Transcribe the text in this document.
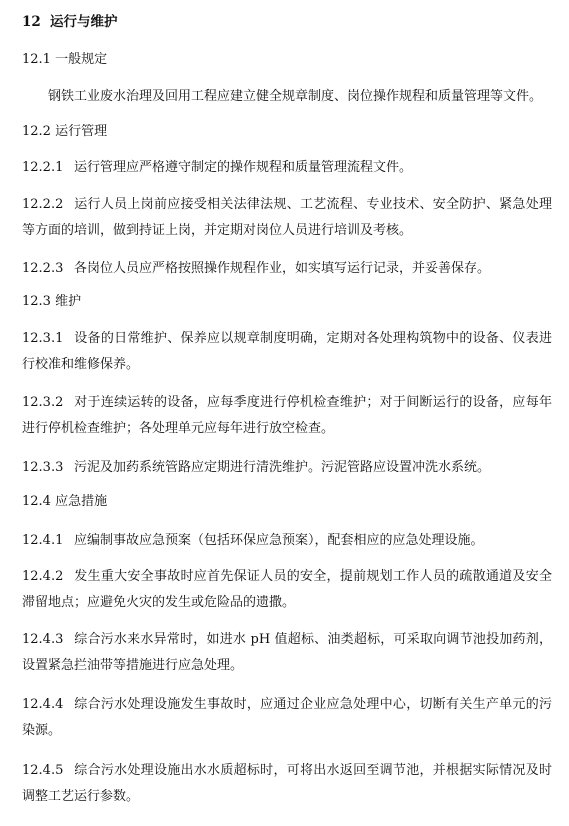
12 运行与维护
12.1 一般规定
钢铁工业废水治理及回用工程应建立健全规章制度、岗位操作规程和质量管理等文件。
12.2 运行管理
12.2.1 运行管理应严格遵守制定的操作规程和质量管理流程文件。
12.2.2 运行人员上岗前应接受相关法律法规、工艺流程、专业技术、安全防护、紧急处理等方面的培训，做到持证上岗，并定期对岗位人员进行培训及考核。
12.2.3 各岗位人员应严格按照操作规程作业，如实填写运行记录，并妥善保存。
12.3 维护
12.3.1 设备的日常维护、保养应以规章制度明确，定期对各处理构筑物中的设备、仪表进行校准和维修保养。
12.3.2 对于连续运转的设备，应每季度进行停机检查维护；对于间断运行的设备，应每年进行停机检查维护；各处理单元应每年进行放空检查。
12.3.3 污泥及加药系统管路应定期进行清洗维护。污泥管路应设置冲洗水系统。
12.4 应急措施
12.4.1 应编制事故应急预案（包括环保应急预案），配套相应的应急处理设施。
12.4.2 发生重大安全事故时应首先保证人员的安全，提前规划工作人员的疏散通道及安全滞留地点；应避免火灾的发生或危险品的遗撒。
12.4.3 综合污水来水异常时，如进水 pH 值超标、油类超标，可采取向调节池投加药剂，设置紧急拦油带等措施进行应急处理。
12.4.4 综合污水处理设施发生事故时，应通过企业应急处理中心，切断有关生产单元的污染源。
12.4.5 综合污水处理设施出水水质超标时，可将出水返回至调节池，并根据实际情况及时调整工艺运行参数。
